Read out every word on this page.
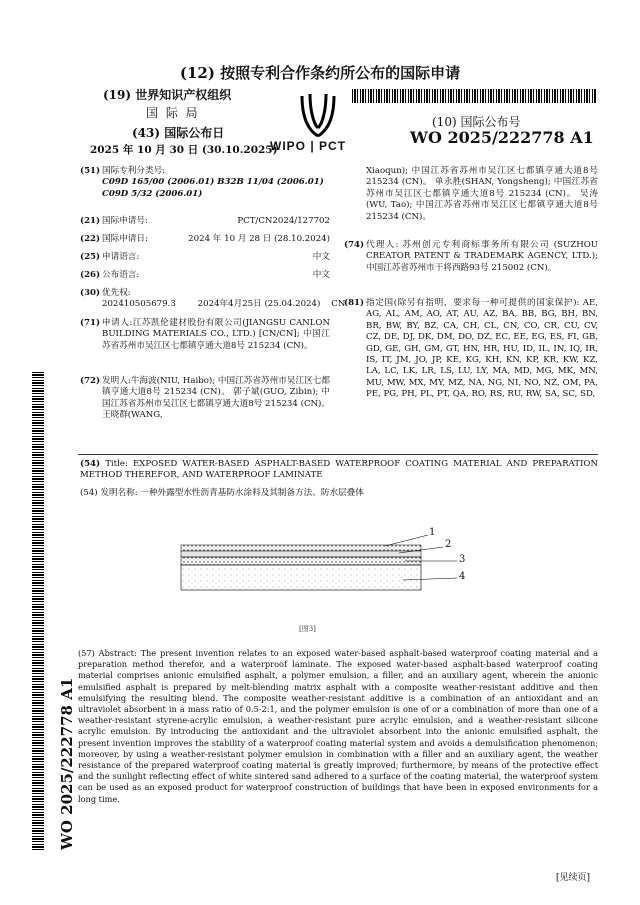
(12) 按照专利合作条约所公布的国际申请
(19) 世界知识产权组织
国 际 局
(43) 国际公布日
2025 年 10 月 30 日 (30.10.2025)
WIPO | PCT
(10) 国际公布号
WO 2025/222778 A1
WO 2025/222778 A1
(51) 国际专利分类号:
C09D 165/00 (2006.01) B32B 11/04 (2006.01)
C09D 5/32 (2006.01)
(21) 国际申请号:	PCT/CN2024/127702
(22) 国际申请日:	2024 年 10 月 28 日 (28.10.2024)
(25) 申请语言:	中文
(26) 公布语言:	中文
(30) 优先权:
202410505679.3        2024年4月25日 (25.04.2024)    CN
(71) 申请人:江苏凯伦建材股份有限公司(JIANGSU CANLON BUILDING MATERIALS CO., LTD.) [CN/CN]; 中国江苏省苏州市吴江区七都镇亨通大道8号 215234 (CN)。
(72) 发明人:牛海波(NIU, Haibo); 中国江苏省苏州市吴江区七都镇亨通大道8号 215234 (CN)。 郭子斌(GUO, Zibin); 中国江苏省苏州市吴江区七都镇亨通大道8号 215234 (CN)。 王晓群(WANG,
Xiaoqun); 中国江苏省苏州市吴江区七都镇亨通大道8号 215234 (CN)。 单永胜(SHAN, Yongsheng); 中国江苏省苏州市吴江区七都镇亨通大道8号 215234 (CN)。 吴涛(WU, Tao); 中国江苏省苏州市吴江区七都镇亨通大道8号 215234 (CN)。
(74) 代理人: 苏州创元专利商标事务所有限公司 (SUZHOU CREATOR PATENT & TRADEMARK AGENCY, LTD.); 中国江苏省苏州市干将西路93号 215002 (CN)。
(81) 指定国(除另有指明，要求每一种可提供的国家保护): AE, AG, AL, AM, AO, AT, AU, AZ, BA, BB, BG, BH, BN, BR, BW, BY, BZ, CA, CH, CL, CN, CO, CR, CU, CV, CZ, DE, DJ, DK, DM, DO, DZ, EC, EE, EG, ES, FI, GB, GD, GE, GH, GM, GT, HN, HR, HU, ID, IL, IN, IQ, IR, IS, IT, JM, JO, JP, KE, KG, KH, KN, KP, KR, KW, KZ, LA, LC, LK, LR, LS, LU, LY, MA, MD, MG, MK, MN, MU, MW, MX, MY, MZ, NA, NG, NI, NO, NZ, OM, PA, PE, PG, PH, PL, PT, QA, RO, RS, RU, RW, SA, SC, SD,
(54) Title: EXPOSED WATER-BASED ASPHALT-BASED WATERPROOF COATING MATERIAL AND PREPARATION METHOD THEREFOR, AND WATERPROOF LAMINATE
(54) 发明名称: 一种外露型水性沥青基防水涂料及其制备方法、防水层叠体
1
2
3
4
[图3]
(57) Abstract: The present invention relates to an exposed water-based asphalt-based waterproof coating material and a preparation method therefor, and a waterproof laminate. The exposed water-based asphalt-based waterproof coating material comprises anionic emulsified asphalt, a polymer emulsion, a filler, and an auxiliary agent, wherein the anionic emulsified asphalt is prepared by melt-blending matrix asphalt with a composite weather-resistant additive and then emulsifying the resulting blend. The composite weather-resistant additive is a combination of an antioxidant and an ultraviolet absorbent in a mass ratio of 0.5-2:1, and the polymer emulsion is one of or a combination of more than one of a weather-resistant styrene-acrylic emulsion, a weather-resistant pure acrylic emulsion, and a weather-resistant silicone acrylic emulsion. By introducing the antioxidant and the ultraviolet absorbent into the anionic emulsified asphalt, the present invention improves the stability of a waterproof coating material system and avoids a demulsification phenomenon; moreover, by using a weather-resistant polymer emulsion in combination with a filler and an auxiliary agent, the weather resistance of the prepared waterproof coating material is greatly improved; furthermore, by means of the protective effect and the sunlight reflecting effect of white sintered sand adhered to a surface of the coating material, the waterproof system can be used as an exposed product for waterproof construction of buildings that have been in exposed environments for a long time.
[见续页]
